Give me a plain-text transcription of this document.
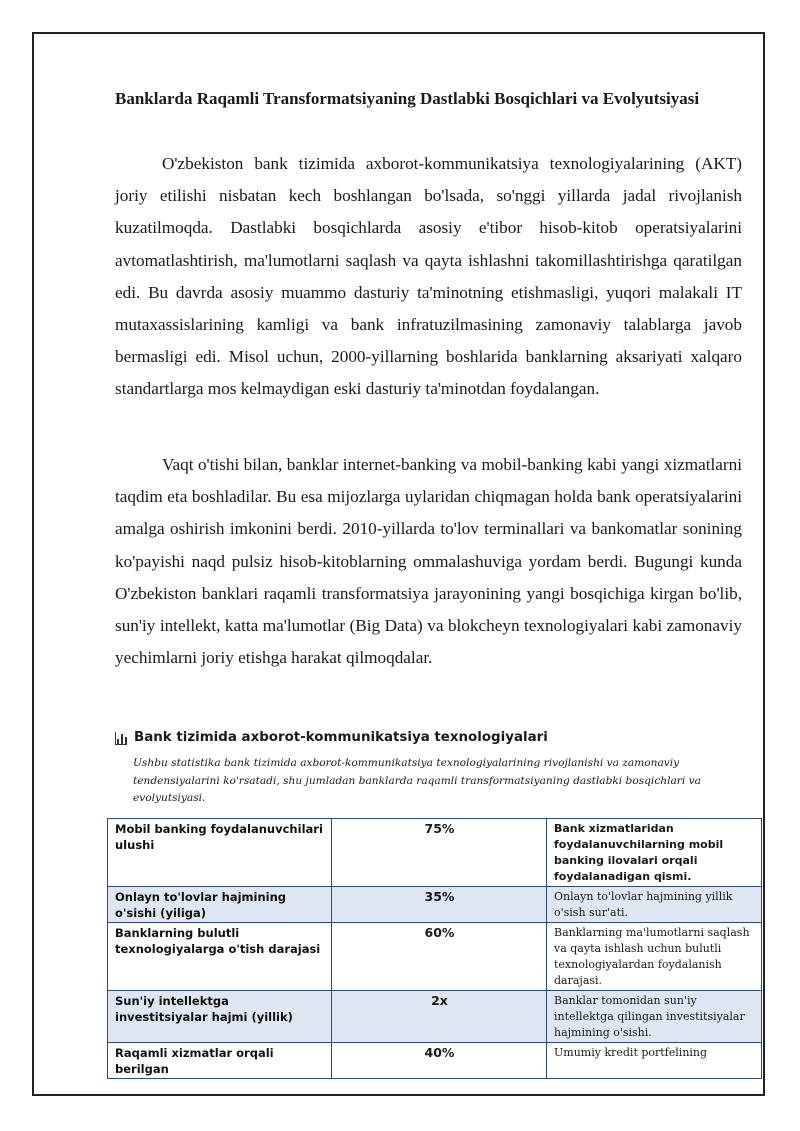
Banklarda Raqamli Transformatsiyaning Dastlabki Bosqichlari va Evolyutsiyasi

O'zbekiston bank tizimida axborot-kommunikatsiya texnologiyalarining (AKT) joriy etilishi nisbatan kech boshlangan bo'lsada, so'nggi yillarda jadal rivojlanish kuzatilmoqda. Dastlabki bosqichlarda asosiy e'tibor hisob-kitob operatsiyalarini avtomatlashtirish, ma'lumotlarni saqlash va qayta ishlashni takomillashtirishga qaratilgan edi. Bu davrda asosiy muammo dasturiy ta'minotning etishmasligi, yuqori malakali IT mutaxassislarining kamligi va bank infratuzilmasining zamonaviy talablarga javob bermasligi edi. Misol uchun, 2000-yillarning boshlarida banklarning aksariyati xalqaro standartlarga mos kelmaydigan eski dasturiy ta'minotdan foydalangan.

Vaqt o'tishi bilan, banklar internet-banking va mobil-banking kabi yangi xizmatlarni taqdim eta boshladilar. Bu esa mijozlarga uylaridan chiqmagan holda bank operatsiyalarini amalga oshirish imkonini berdi. 2010-yillarda to'lov terminallari va bankomatlar sonining ko'payishi naqd pulsiz hisob-kitoblarning ommalashuviga yordam berdi. Bugungi kunda O'zbekiston banklari raqamli transformatsiya jarayonining yangi bosqichiga kirgan bo'lib, sun'iy intellekt, katta ma'lumotlar (Big Data) va blokcheyn texnologiyalari kabi zamonaviy yechimlarni joriy etishga harakat qilmoqdalar.

Bank tizimida axborot-kommunikatsiya texnologiyalari

Ushbu statistika bank tizimida axborot-kommunikatsiya texnologiyalarining rivojlanishi va zamonaviy tendensiyalarini ko'rsatadi, shu jumladan banklarda raqamli transformatsiyaning dastlabki bosqichlari va evolyutsiyasi.

Mobil banking foydalanuvchilari ulushi	75%	Bank xizmatlaridan foydalanuvchilarning mobil banking ilovalari orqali foydalanadigan qismi.
Onlayn to'lovlar hajmining o'sishi (yiliga)	35%	Onlayn to'lovlar hajmining yillik o'sish sur'ati.
Banklarning bulutli texnologiyalarga o'tish darajasi	60%	Banklarning ma'lumotlarni saqlash va qayta ishlash uchun bulutli texnologiyalardan foydalanish darajasi.
Sun'iy intellektga investitsiyalar hajmi (yillik)	2x	Banklar tomonidan sun'iy intellektga qilingan investitsiyalar hajmining o'sishi.
Raqamli xizmatlar orqali berilgan	40%	Umumiy kredit portfelining
